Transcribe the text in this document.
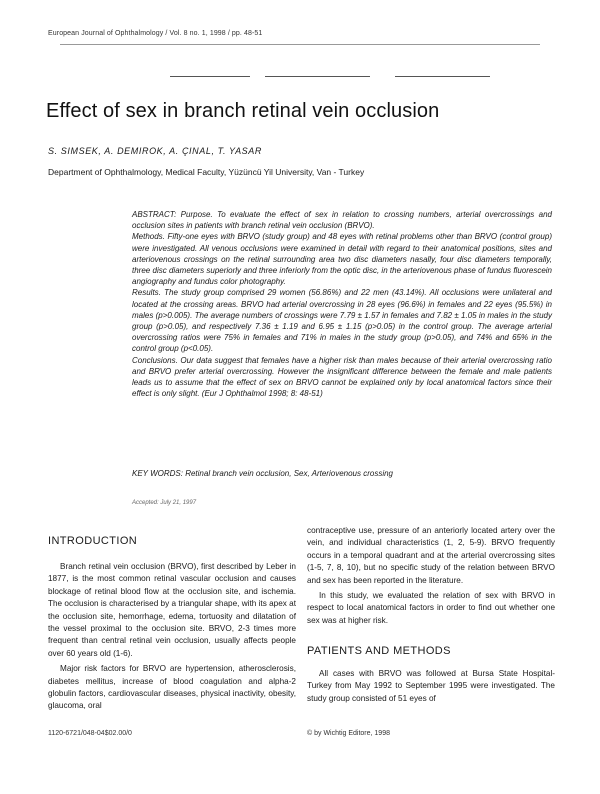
European Journal of Ophthalmology / Vol. 8 no. 1, 1998 / pp. 48-51
Effect of sex in branch retinal vein occlusion
S. SIMSEK, A. DEMIROK, A. ÇINAL, T. YASAR
Department of Ophthalmology, Medical Faculty, Yüzüncü Yil University, Van - Turkey

ABSTRACT: Purpose. To evaluate the effect of sex in relation to crossing numbers, arterial overcrossings and occlusion sites in patients with branch retinal vein occlusion (BRVO).

Methods. Fifty-one eyes with BRVO (study group) and 48 eyes with retinal problems other than BRVO (control group) were investigated. All venous occlusions were examined in detail with regard to their anatomical positions, sites and arteriovenous crossings on the retinal surrounding area two disc diameters nasally, four disc diameters temporally, three disc diameters superiorly and three inferiorly from the optic disc, in the arteriovenous phase of fundus fluorescein angiography and fundus color photography.

Results. The study group comprised 29 women (56.86%) and 22 men (43.14%). All occlusions were unilateral and located at the crossing areas. BRVO had arterial overcrossing in 28 eyes (96.6%) in females and 22 eyes (95.5%) in males (p>0.005). The average numbers of crossings were 7.79 ± 1.57 in females and 7.82 ± 1.05 in males in the study group (p>0.05), and respectively 7.36 ± 1.19 and 6.95 ± 1.15 (p>0.05) in the control group. The average arterial overcrossing ratios were 75% in females and 71% in males in the study group (p>0.05), and 74% and 65% in the control group (p<0.05).

Conclusions. Our data suggest that females have a higher risk than males because of their arterial overcrossing ratio and BRVO prefer arterial overcrossing. However the insignificant difference between the female and male patients leads us to assume that the effect of sex on BRVO cannot be explained only by local anatomical factors since their effect is only slight. (Eur J Ophthalmol 1998; 8: 48-51)

KEY WORDS: Retinal branch vein occlusion, Sex, Arteriovenous crossing
Accepted: July 21, 1997
INTRODUCTION

Branch retinal vein occlusion (BRVO), first described by Leber in 1877, is the most common retinal vascular occlusion and causes blockage of retinal blood flow at the occlusion site, and ischemia. The occlusion is characterised by a triangular shape, with its apex at the occlusion site, hemorrhage, edema, tortuosity and dilatation of the vessel proximal to the occlusion site. BRVO, 2-3 times more frequent than central retinal vein occlusion, usually affects people over 60 years old (1-6).

Major risk factors for BRVO are hypertension, atherosclerosis, diabetes mellitus, increase of blood coagulation and alpha-2 globulin factors, cardiovascular diseases, physical inactivity, obesity, glaucoma, oral

contraceptive use, pressure of an anteriorly located artery over the vein, and individual characteristics (1, 2, 5-9). BRVO frequently occurs in a temporal quadrant and at the arterial overcrossing sites (1-5, 7, 8, 10), but no specific study of the relation between BRVO and sex has been reported in the literature.

In this study, we evaluated the relation of sex with BRVO in respect to local anatomical factors in order to find out whether one sex was at higher risk.

PATIENTS AND METHODS

All cases with BRVO was followed at Bursa State Hospital-Turkey from May 1992 to September 1995 were investigated. The study group consisted of 51 eyes of

1120-6721/048-04$02.00/0	© by Wichtig Editore, 1998
